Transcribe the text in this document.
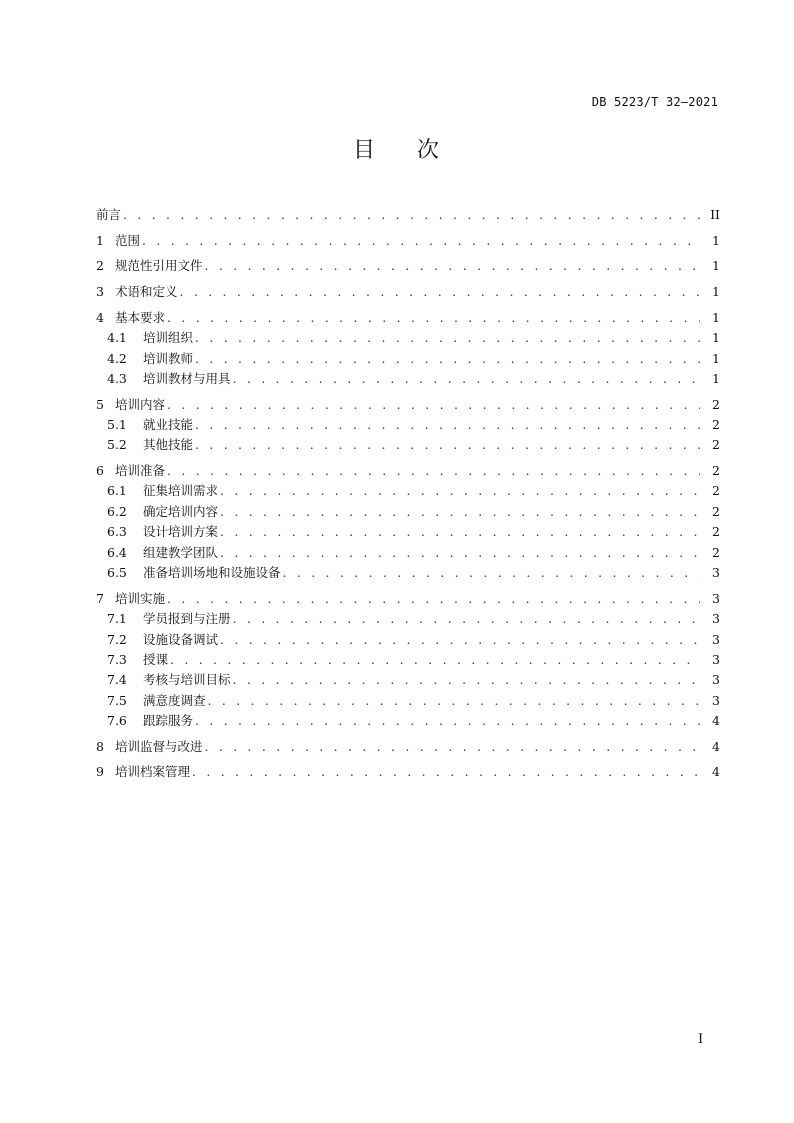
DB 5223/T 32—2021
目 次
前言 . . .	II
1 范围 . . .	1
2 规范性引用文件 . . .	1
3 术语和定义 . . .	1
4 基本要求 . . .	1
4.1	培训组织 . . .	1
4.2	培训教师 . . .	1
4.3	培训教材与用具 . . .	1
5 培训内容 . . .	2
5.1	就业技能 . . .	2
5.2	其他技能 . . .	2
6 培训准备 . . .	2
6.1	征集培训需求 . . .	2
6.2	确定培训内容 . . .	2
6.3	设计培训方案 . . .	2
6.4	组建教学团队 . . .	2
6.5	准备培训场地和设施设备 . . .	3
7 培训实施 . . .	3
7.1	学员报到与注册 . . .	3
7.2	设施设备调试 . . .	3
7.3	授课 . . .	3
7.4	考核与培训目标 . . .	3
7.5	满意度调查 . . .	3
7.6	跟踪服务 . . .	4
8 培训监督与改进 . . .	4
9 培训档案管理 . . .	4
I
